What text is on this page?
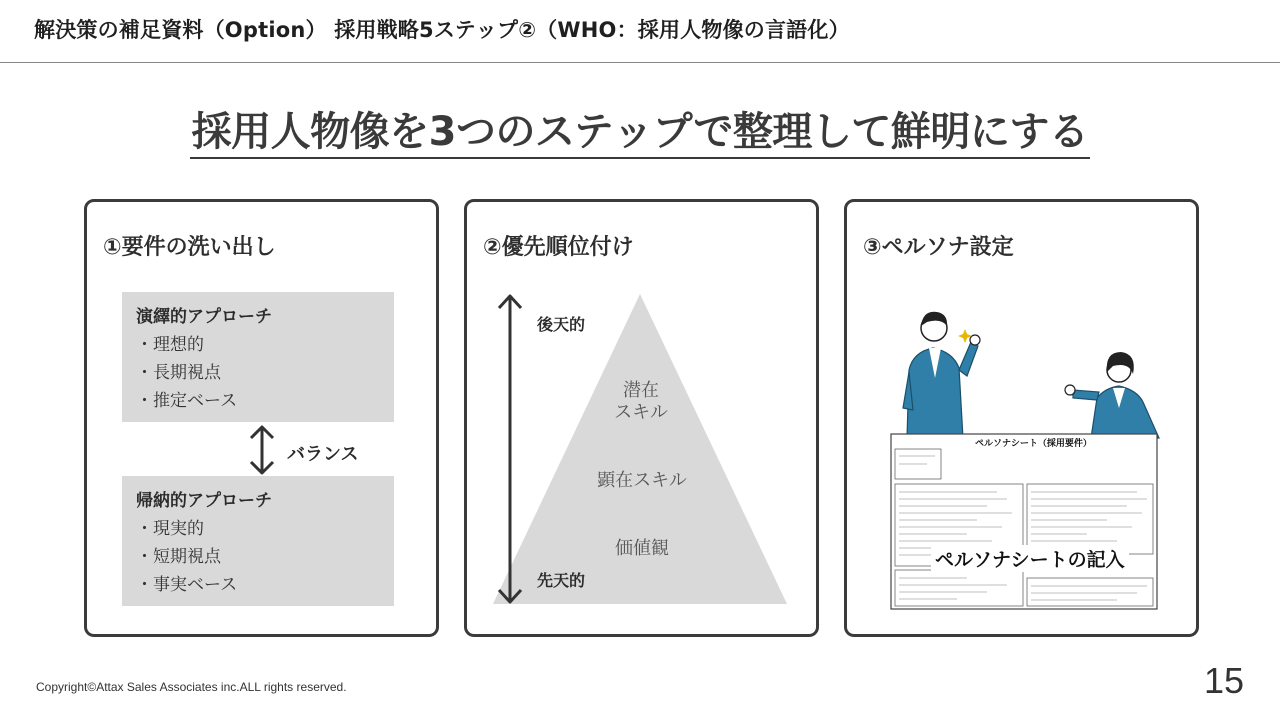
解決策の補足資料（Option） 採用戦略5ステップ②（WHO：採用人物像の言語化）
採用人物像を3つのステップで整理して鮮明にする
①要件の洗い出し
演繹的アプローチ
・理想的
・長期視点
・推定ベース
バランス
帰納的アプローチ
・現実的
・短期視点
・事実ベース
②優先順位付け
後天的
先天的
潜在
スキル
顕在スキル
価値観
③ペルソナ設定
ペルソナシート（採用要件）
ペルソナシートの記入
Copyright©Attax Sales Associates inc.ALL rights reserved.	15
